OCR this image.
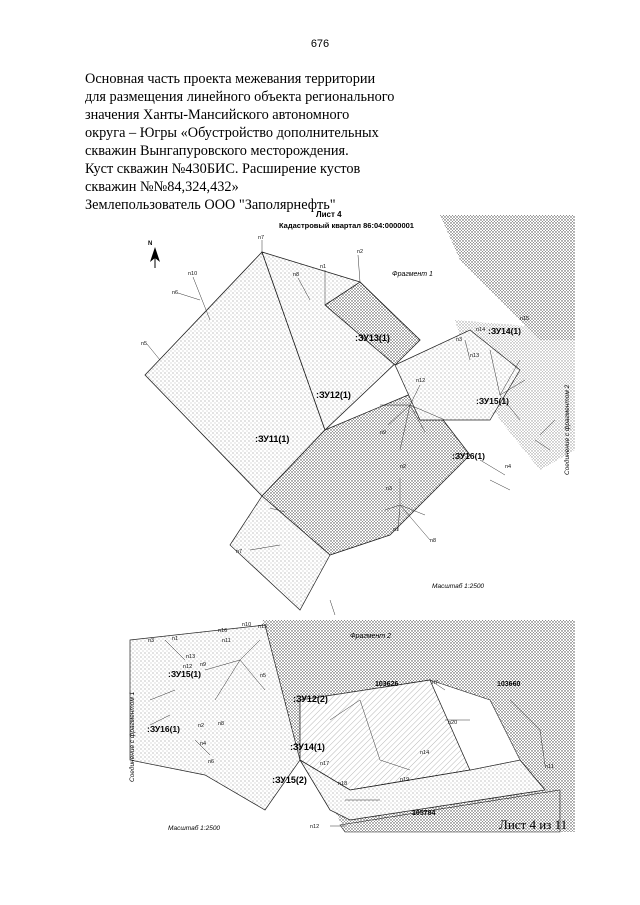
676
Основная часть проекта межевания территории
для размещения линейного объекта регионального
значения Ханты-Мансийского автономного
округа – Югры «Обустройство дополнительных
скважин Вынгапуровского месторождения.
Куст скважин №430БИС. Расширение кустов
скважин №№84,324,432»
Землепользователь ООО "Заполярнефть"
Лист 4
Кадастровый квартал 86:04:0000001
N
Фрагмент 1
:ЗУ13(1)
:ЗУ12(1)
:ЗУ11(1)
:ЗУ14(1)
:ЗУ15(1)
:ЗУ16(1)
n7
n2
n1
n8
n10
n6
n5
n3
n14
n15
n13
n12
n9
n4
n2
n7
n3
n1
n8
Соединение с фрагментом 2
Масштаб 1:2500
Фрагмент 2
103626	103660
105784
:ЗУ15(1)
:ЗУ16(1)
:ЗУ12(2)
:ЗУ14(1)
:ЗУ15(2)
n3	n1
n16
n10 n15
n11
n13
n12 n9
n5
n2
n4
n6
n8
n7
n20
n14
n17
n18
n19
n11
n12
Соединение с фрагментом 1
Масштаб 1:2500	Лист 4 из 11
